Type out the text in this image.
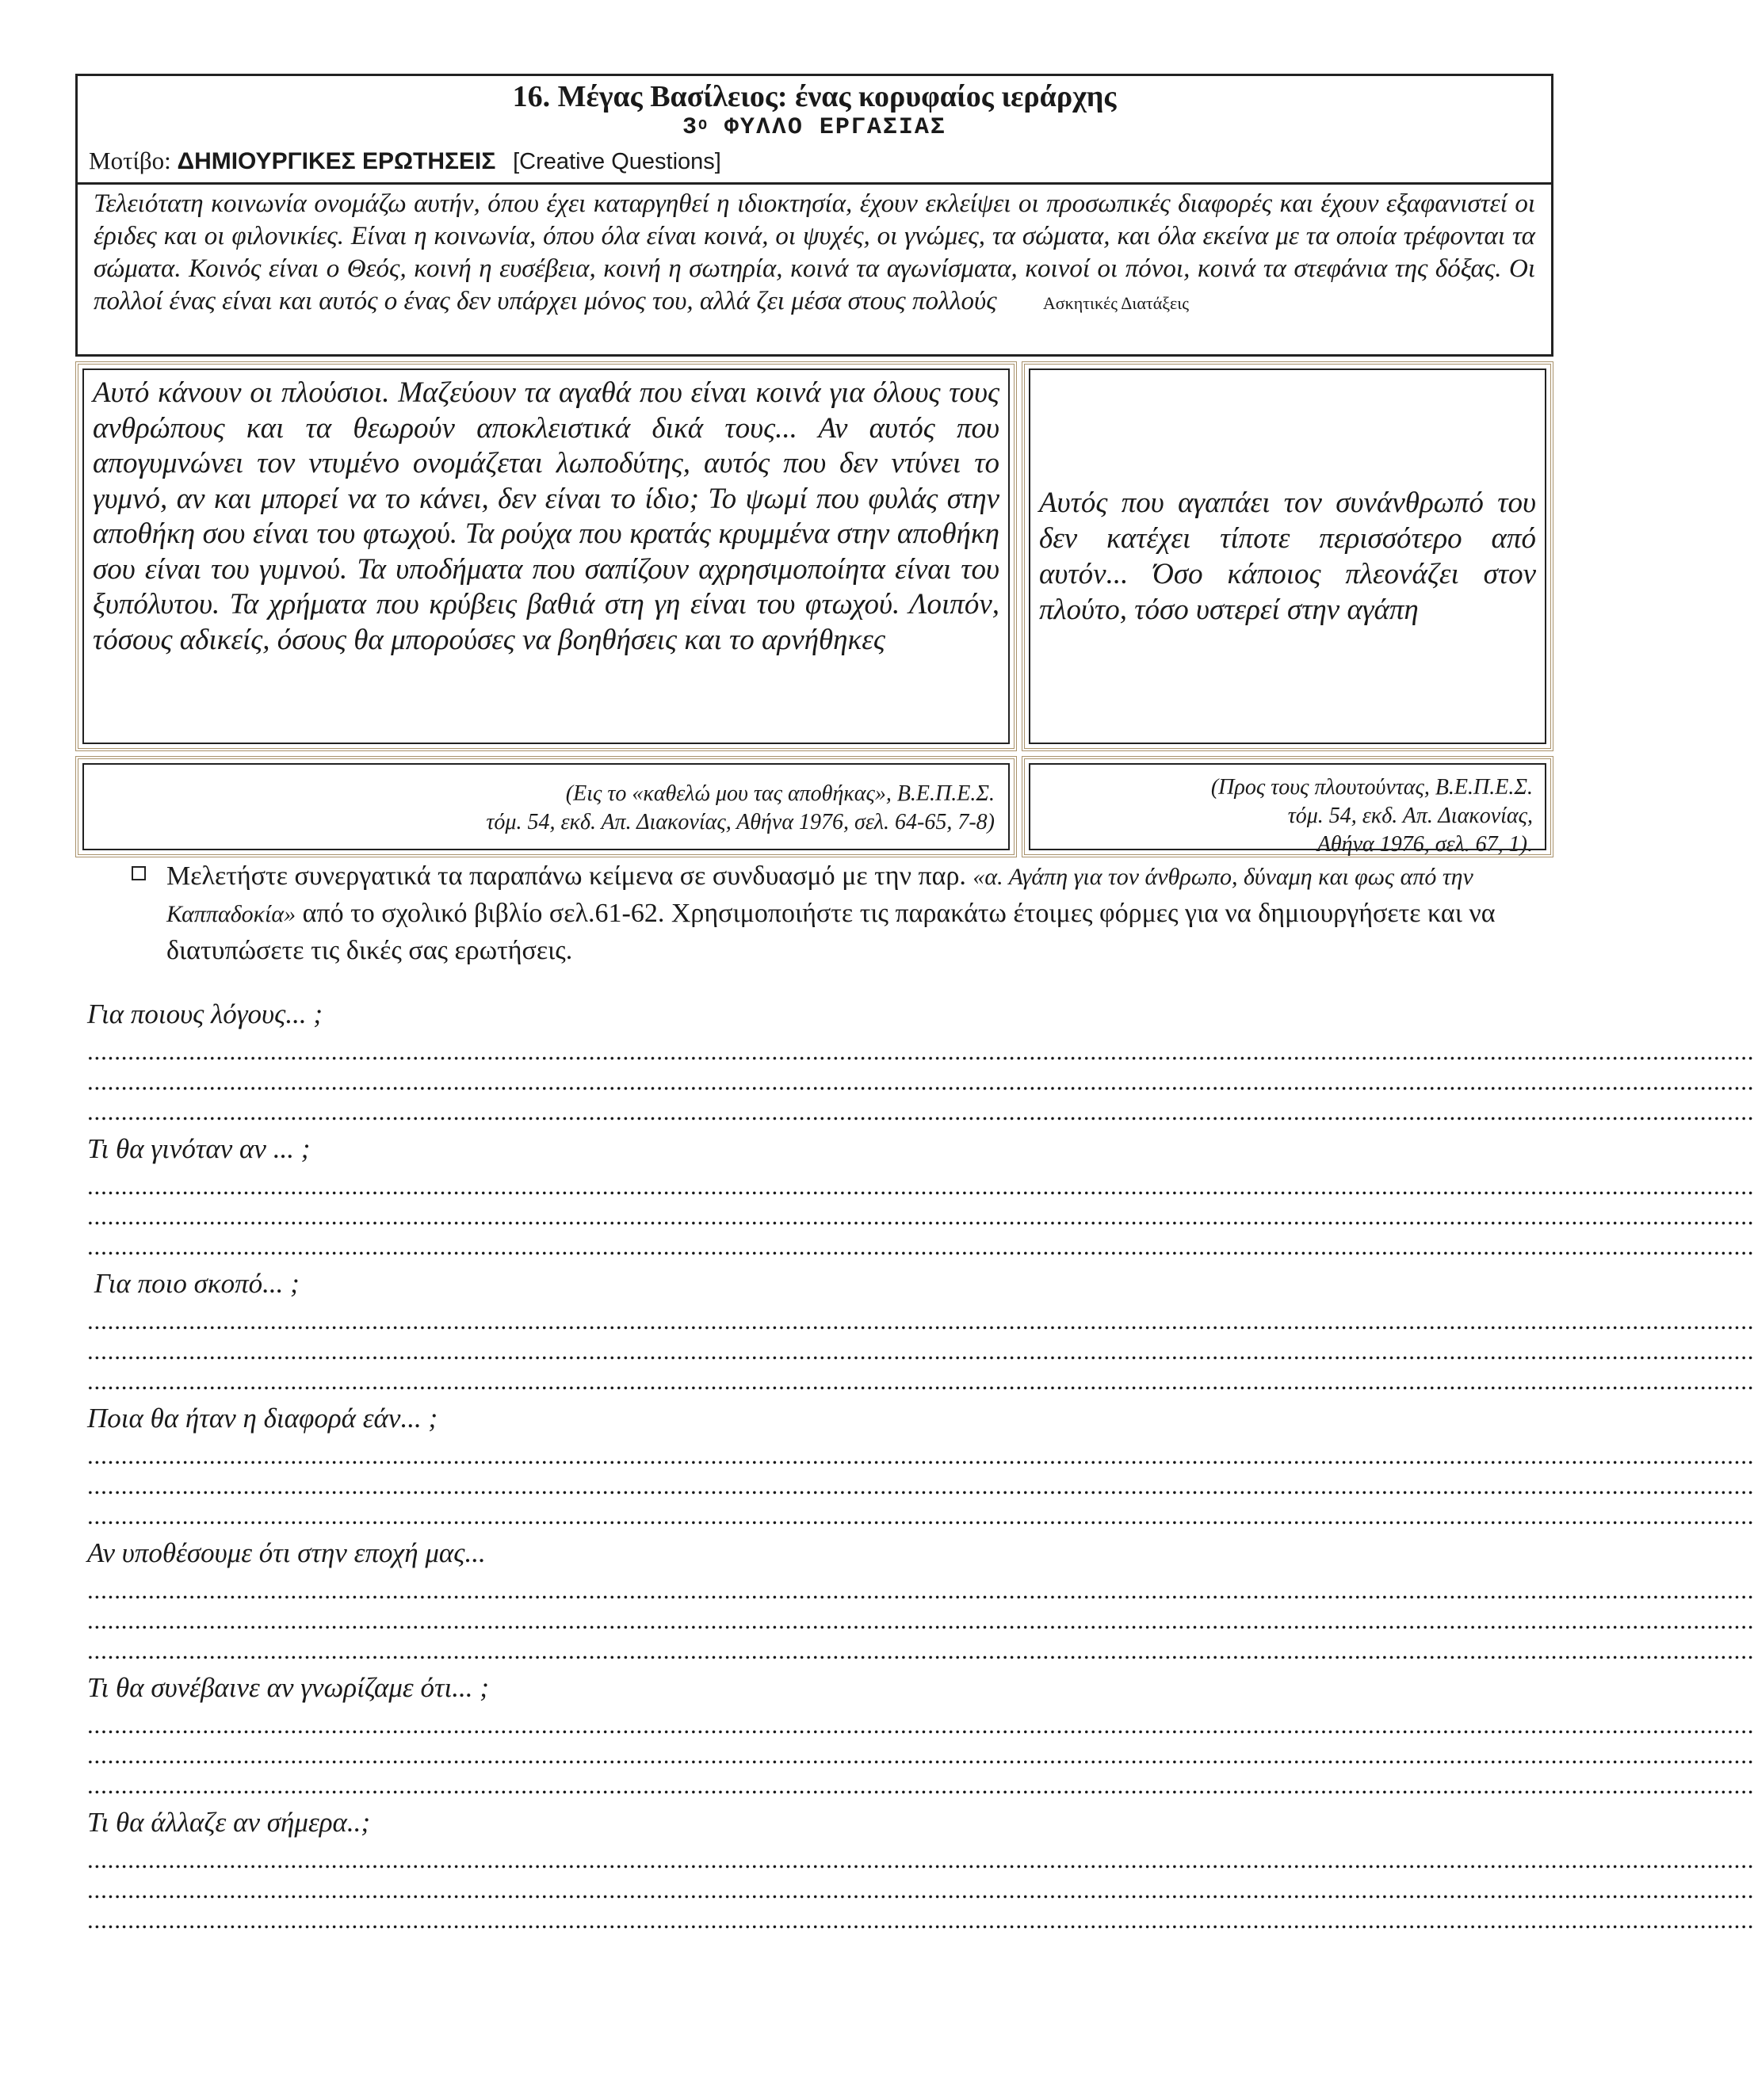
16. Μέγας Βασίλειος: ένας κορυφαίος ιεράρχης
$3^O$ ΦΥΛΛΟ ΕΡΓΑΣΙΑΣ
Μοτίβο: ΔΗΜΙΟΥΡΓΙΚΕΣ ΕΡΩΤΗΣΕΙΣ [Creative Questions]
Τελειότατη κοινωνία ονομάζω αυτήν, όπου έχει καταργηθεί η ιδιοκτησία, έχουν εκλείψει οι προσωπικές διαφορές και έχουν εξαφανιστεί οι έριδες και οι φιλονικίες. Είναι η κοινωνία, όπου όλα είναι κοινά, οι ψυχές, οι γνώμες, τα σώματα, και όλα εκείνα με τα οποία τρέφονται τα σώματα. Κοινός είναι ο Θεός, κοινή η ευσέβεια, κοινή η σωτηρία, κοινά τα αγωνίσματα, κοινοί οι πόνοι, κοινά τα στεφάνια της δόξας. Οι πολλοί ένας είναι και αυτός ο ένας δεν υπάρχει μόνος του, αλλά ζει μέσα στους πολλούς	Ασκητικές Διατάξεις
Αυτό κάνουν οι πλούσιοι. Μαζεύουν τα αγαθά που είναι κοινά για όλους τους ανθρώπους και τα θεωρούν αποκλειστικά δικά τους... Αν αυτός που απογυμνώνει τον ντυμένο ονομάζεται λωποδύτης, αυτός που δεν ντύνει το γυμνό, αν και μπορεί να το κάνει, δεν είναι το ίδιο; Το ψωμί που φυλάς στην αποθήκη σου είναι του φτωχού. Τα ρούχα που κρατάς κρυμμένα στην αποθήκη σου είναι του γυμνού. Τα υποδήματα που σαπίζουν αχρησιμοποίητα είναι του ξυπόλυτου. Τα χρήματα που κρύβεις βαθιά στη γη είναι του φτωχού. Λοιπόν, τόσους αδικείς, όσους θα μπορούσες να βοηθήσεις και το αρνήθηκες

Αυτός που αγαπάει τον συνάνθρωπό του δεν κατέχει τίποτε περισσότερο από αυτόν... Όσο κάποιος πλεονάζει στον πλούτο, τόσο υστερεί στην αγάπη

(Εις το «καθελώ μου τας αποθήκας», Β.Ε.Π.Ε.Σ.
τόμ. 54, εκδ. Απ. Διακονίας, Αθήνα 1976, σελ. 64-65, 7-8)
(Προς τους πλουτούντας, Β.Ε.Π.Ε.Σ.
τόμ. 54, εκδ. Απ. Διακονίας,
Αθήνα 1976, σελ. 67, 1).
Μελετήστε συνεργατικά τα παραπάνω κείμενα σε συνδυασμό με την παρ. «α. Αγάπη για τον άνθρωπο, δύναμη και φως από την Καππαδοκία» από το σχολικό βιβλίο σελ.61-62. Χρησιμοποιήστε τις παρακάτω έτοιμες φόρμες για να δημιουργήσετε και να διατυπώσετε τις δικές σας ερωτήσεις.
Για ποιους λόγους... ;
......................................................................................................................................................................................................................................................
......................................................................................................................................................................................................................................................
......................................................................................................................................................................................................................................................
Τι θα γινόταν αν ... ;
......................................................................................................................................................................................................................................................
......................................................................................................................................................................................................................................................
......................................................................................................................................................................................................................................................
Για ποιο σκοπό... ;
......................................................................................................................................................................................................................................................
......................................................................................................................................................................................................................................................
......................................................................................................................................................................................................................................................
Ποια θα ήταν η διαφορά εάν... ;
......................................................................................................................................................................................................................................................
......................................................................................................................................................................................................................................................
......................................................................................................................................................................................................................................................
Αν υποθέσουμε ότι στην εποχή μας...
......................................................................................................................................................................................................................................................
......................................................................................................................................................................................................................................................
......................................................................................................................................................................................................................................................
Τι θα συνέβαινε αν γνωρίζαμε ότι... ;
......................................................................................................................................................................................................................................................
......................................................................................................................................................................................................................................................
......................................................................................................................................................................................................................................................
Τι θα άλλαζε αν σήμερα..;
......................................................................................................................................................................................................................................................
......................................................................................................................................................................................................................................................
......................................................................................................................................................................................................................................................
